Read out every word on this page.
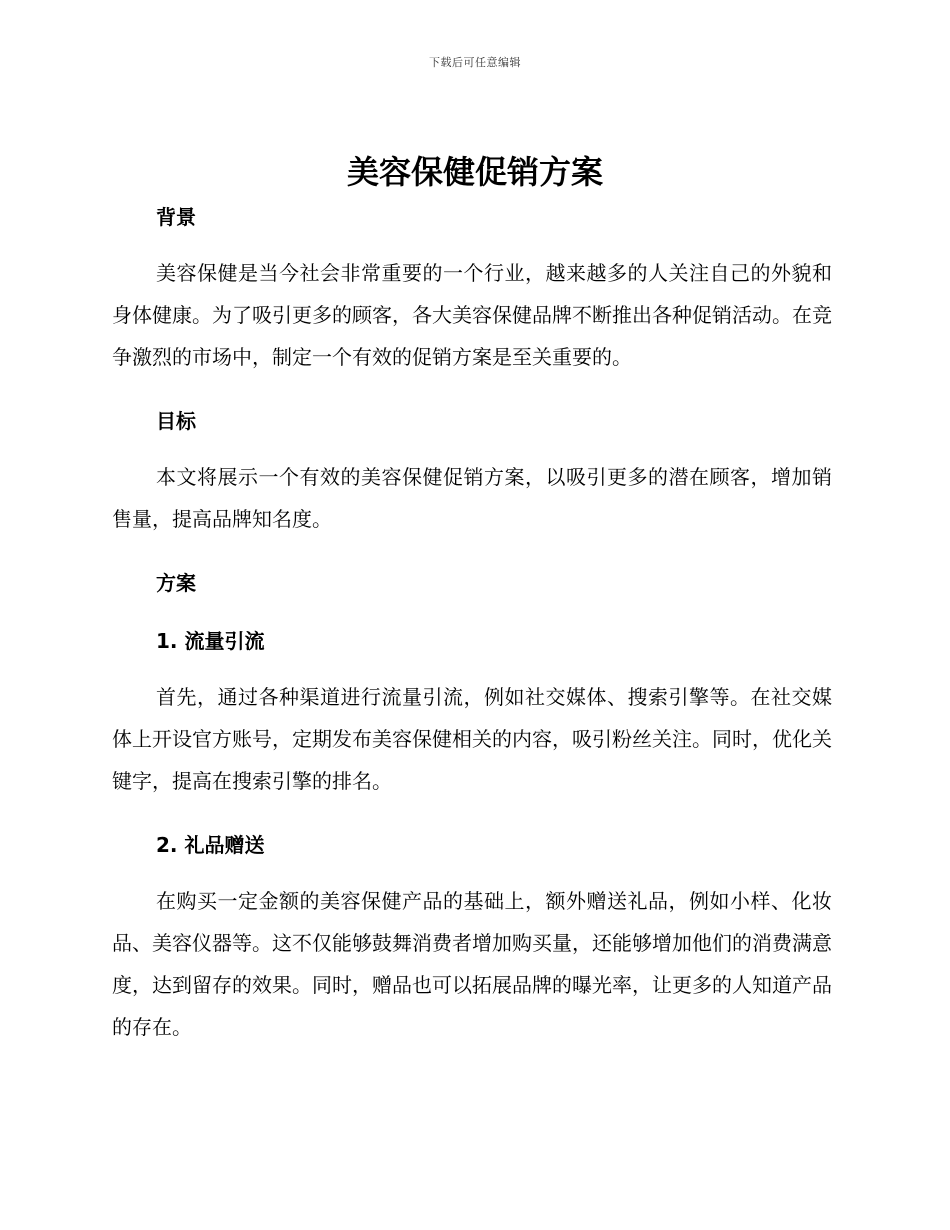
下载后可任意编辑
美容保健促销方案
背景

美容保健是当今社会非常重要的一个行业，越来越多的人关注自己的外貌和身体健康。为了吸引更多的顾客，各大美容保健品牌不断推出各种促销活动。在竞争激烈的市场中，制定一个有效的促销方案是至关重要的。

目标

本文将展示一个有效的美容保健促销方案，以吸引更多的潜在顾客，增加销售量，提高品牌知名度。

方案
1. 流量引流

首先，通过各种渠道进行流量引流，例如社交媒体、搜索引擎等。在社交媒体上开设官方账号，定期发布美容保健相关的内容，吸引粉丝关注。同时，优化关键字，提高在搜索引擎的排名。

2. 礼品赠送

在购买一定金额的美容保健产品的基础上，额外赠送礼品，例如小样、化妆品、美容仪器等。这不仅能够鼓舞消费者增加购买量，还能够增加他们的消费满意度，达到留存的效果。同时，赠品也可以拓展品牌的曝光率，让更多的人知道产品的存在。
